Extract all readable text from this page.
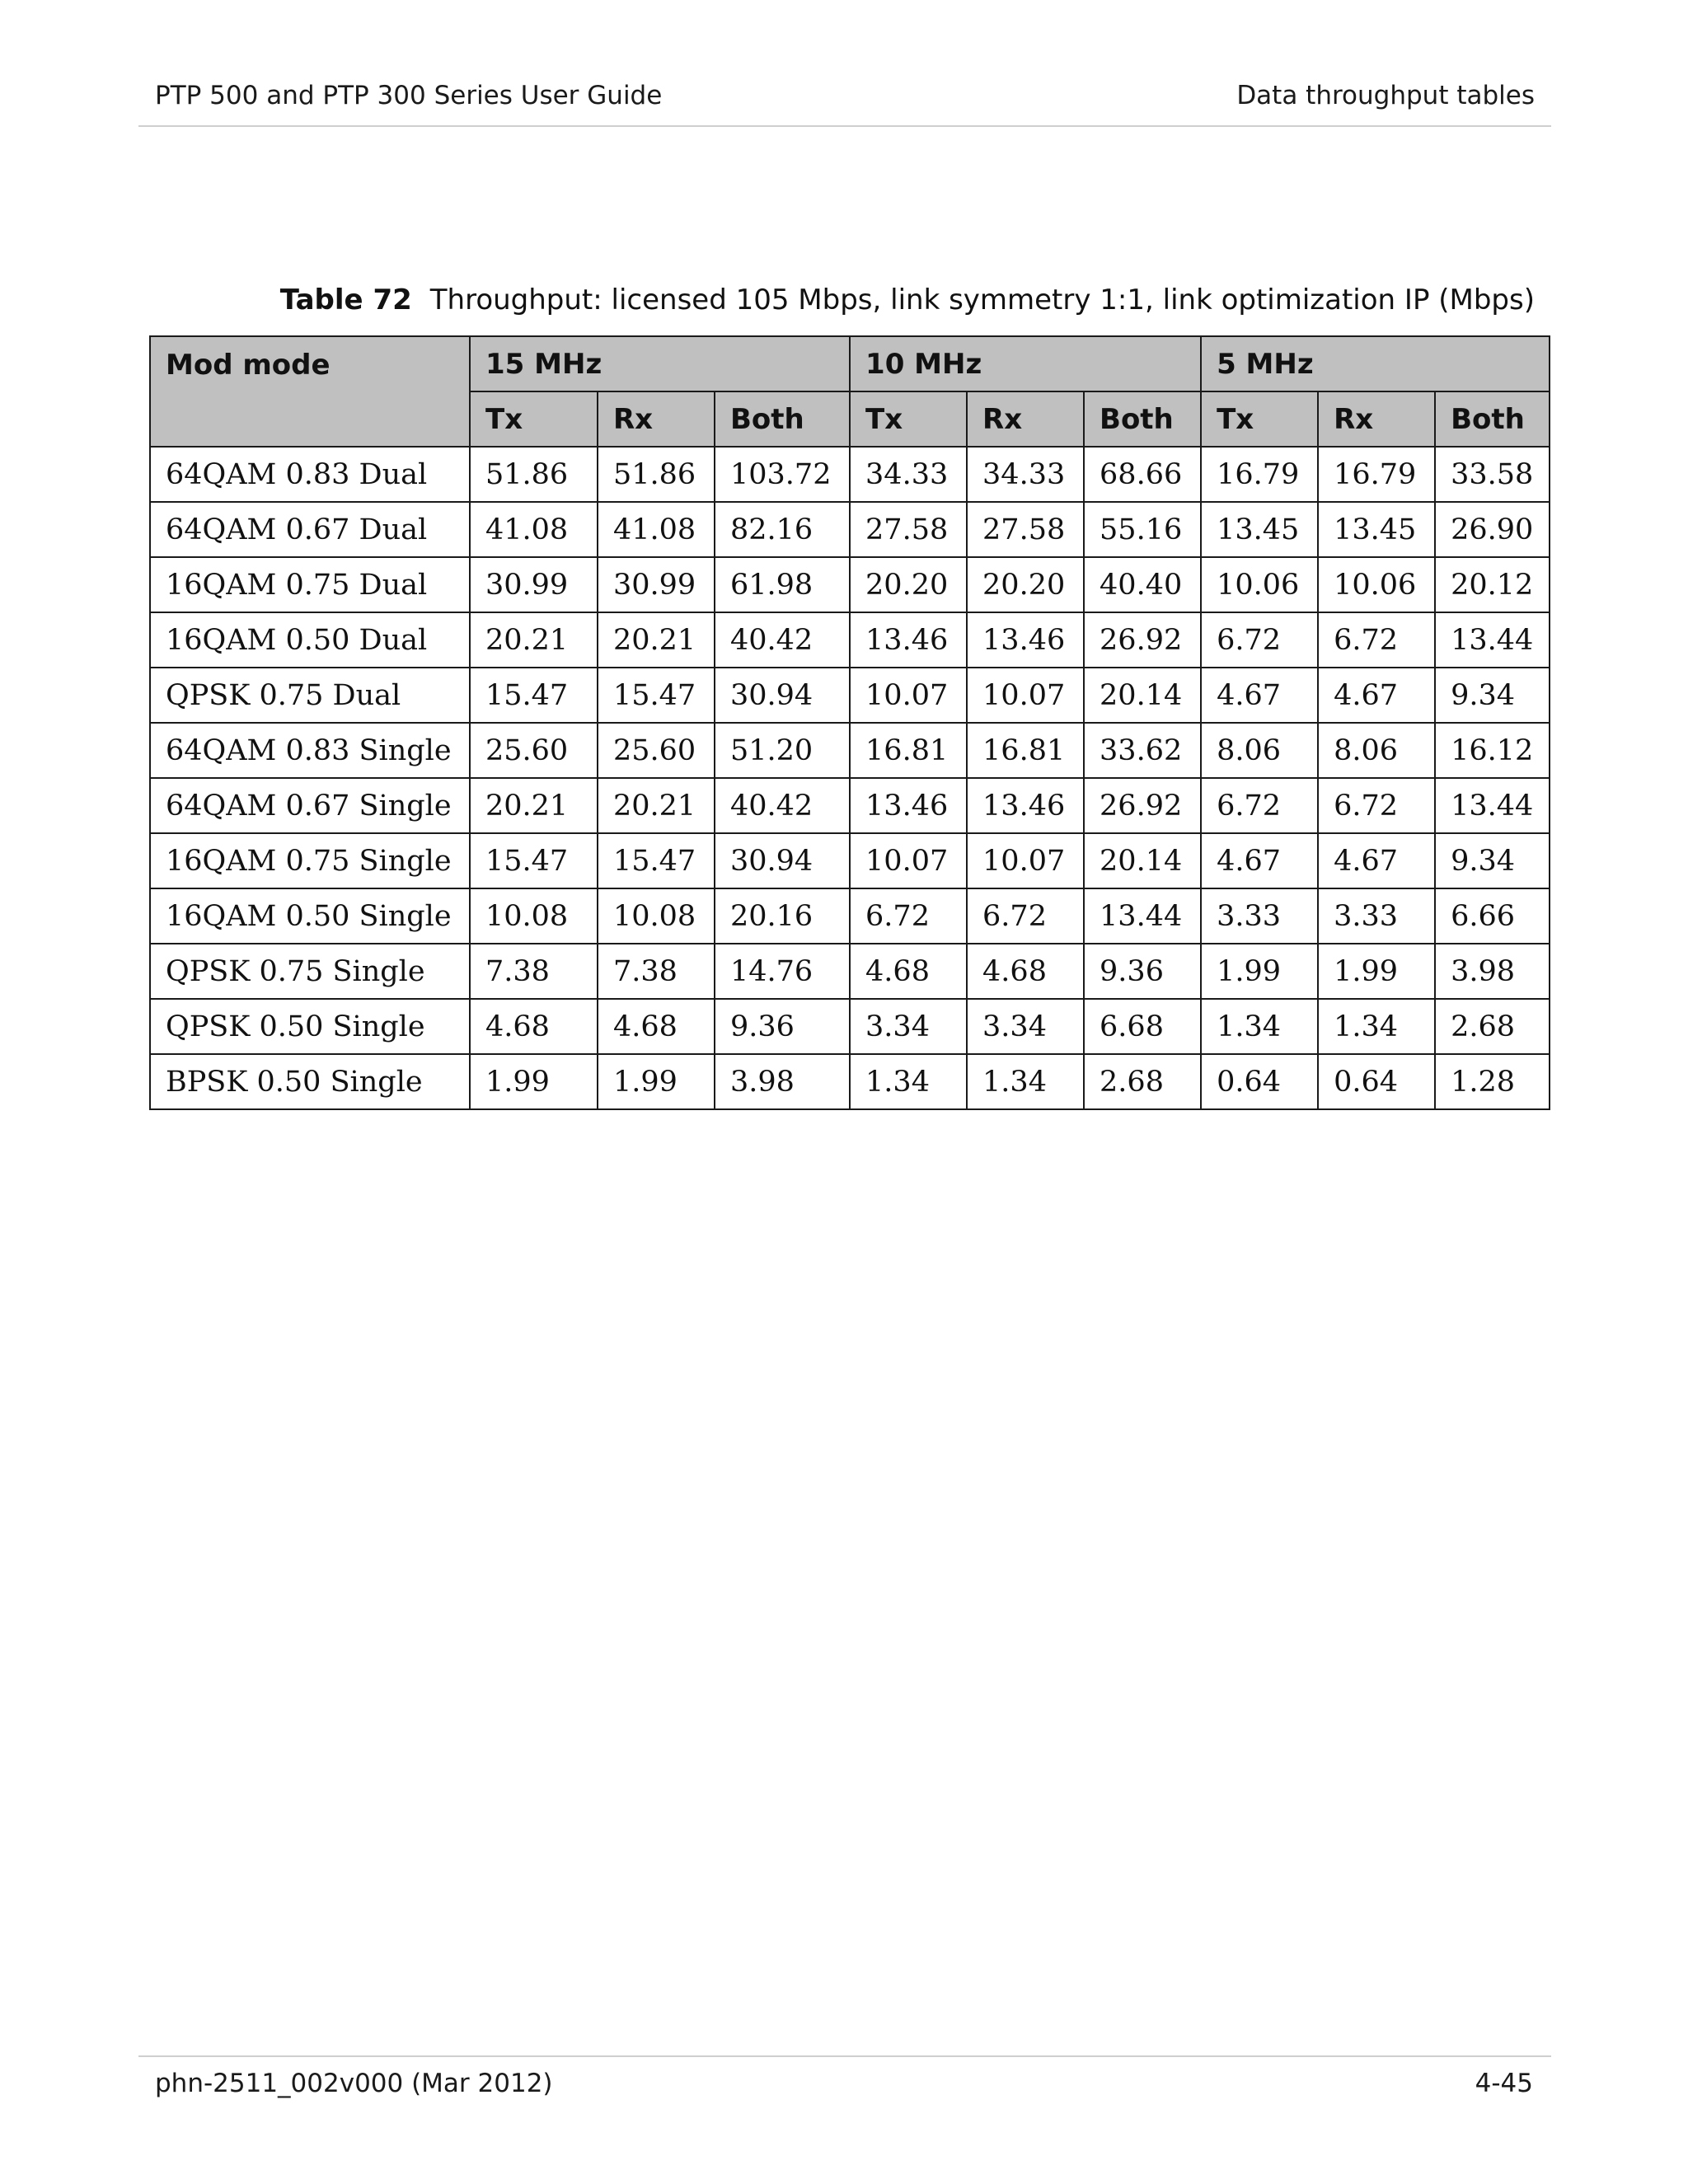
PTP 500 and PTP 300 Series User Guide	Data throughput tables
Table 72 Throughput: licensed 105 Mbps, link symmetry 1:1, link optimization IP (Mbps)
Mod mode	15 MHz			10 MHz			5 MHz		
	Tx	Rx	Both	Tx	Rx	Both	Tx	Rx	Both
64QAM 0.83 Dual	51.86	51.86	103.72	34.33	34.33	68.66	16.79	16.79	33.58
64QAM 0.67 Dual	41.08	41.08	82.16	27.58	27.58	55.16	13.45	13.45	26.90
16QAM 0.75 Dual	30.99	30.99	61.98	20.20	20.20	40.40	10.06	10.06	20.12
16QAM 0.50 Dual	20.21	20.21	40.42	13.46	13.46	26.92	6.72	6.72	13.44
QPSK 0.75 Dual	15.47	15.47	30.94	10.07	10.07	20.14	4.67	4.67	9.34
64QAM 0.83 Single	25.60	25.60	51.20	16.81	16.81	33.62	8.06	8.06	16.12
64QAM 0.67 Single	20.21	20.21	40.42	13.46	13.46	26.92	6.72	6.72	13.44
16QAM 0.75 Single	15.47	15.47	30.94	10.07	10.07	20.14	4.67	4.67	9.34
16QAM 0.50 Single	10.08	10.08	20.16	6.72	6.72	13.44	3.33	3.33	6.66
QPSK 0.75 Single	7.38	7.38	14.76	4.68	4.68	9.36	1.99	1.99	3.98
QPSK 0.50 Single	4.68	4.68	9.36	3.34	3.34	6.68	1.34	1.34	2.68
BPSK 0.50 Single	1.99	1.99	3.98	1.34	1.34	2.68	0.64	0.64	1.28
phn-2511_002v000 (Mar 2012)	4-45
